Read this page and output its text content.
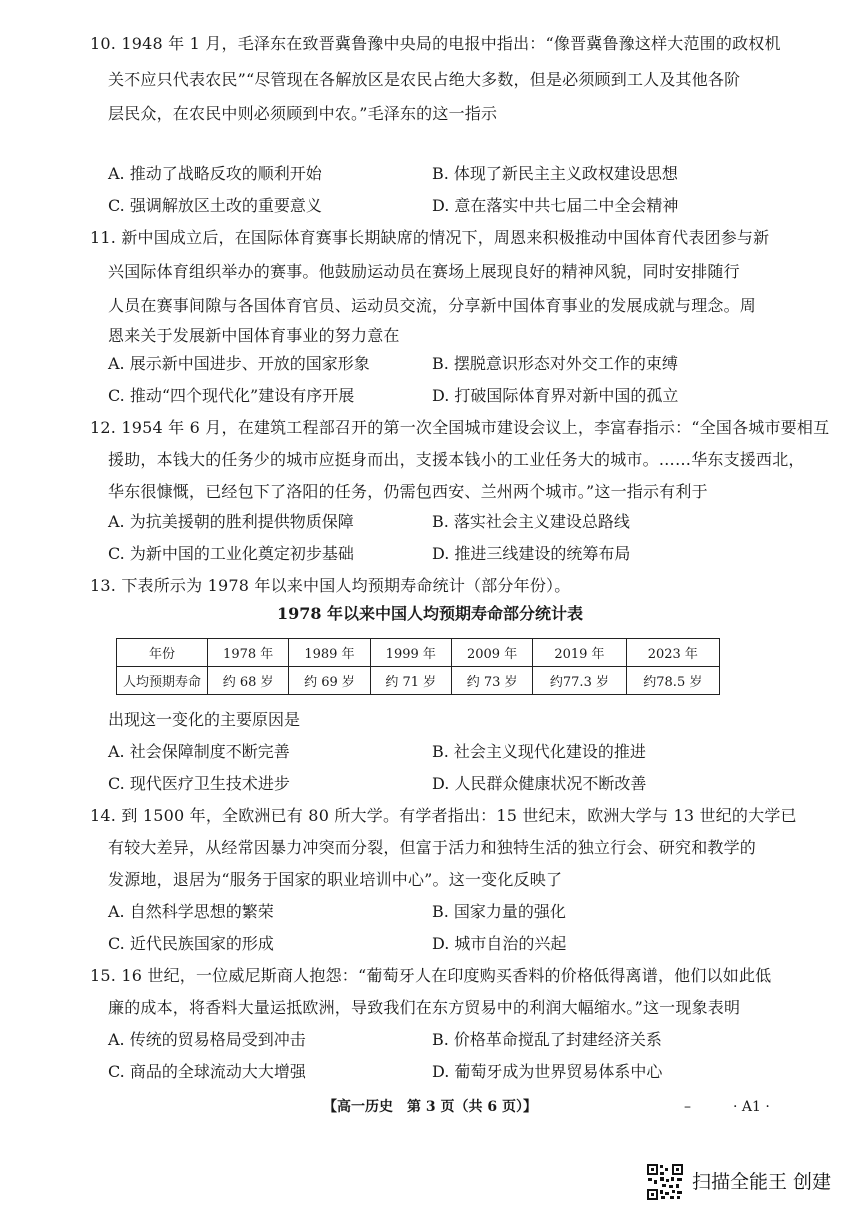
10. 1948 年 1 月，毛泽东在致晋冀鲁豫中央局的电报中指出：“像晋冀鲁豫这样大范围的政权机
关不应只代表农民”“尽管现在各解放区是农民占绝大多数，但是必须顾到工人及其他各阶
层民众，在农民中则必须顾到中农。”毛泽东的这一指示
A. 推动了战略反攻的顺利开始	B. 体现了新民主主义政权建设思想
C. 强调解放区土改的重要意义	D. 意在落实中共七届二中全会精神
11. 新中国成立后，在国际体育赛事长期缺席的情况下，周恩来积极推动中国体育代表团参与新
兴国际体育组织举办的赛事。他鼓励运动员在赛场上展现良好的精神风貌，同时安排随行
人员在赛事间隙与各国体育官员、运动员交流，分享新中国体育事业的发展成就与理念。周
恩来关于发展新中国体育事业的努力意在
A. 展示新中国进步、开放的国家形象	B. 摆脱意识形态对外交工作的束缚
C. 推动“四个现代化”建设有序开展	D. 打破国际体育界对新中国的孤立
12. 1954 年 6 月，在建筑工程部召开的第一次全国城市建设会议上，李富春指示：“全国各城市要相互
援助，本钱大的任务少的城市应挺身而出，支援本钱小的工业任务大的城市。……华东支援西北，
华东很慷慨，已经包下了洛阳的任务，仍需包西安、兰州两个城市。”这一指示有利于
A. 为抗美援朝的胜利提供物质保障	B. 落实社会主义建设总路线
C. 为新中国的工业化奠定初步基础	D. 推进三线建设的统筹布局
13. 下表所示为 1978 年以来中国人均预期寿命统计（部分年份）。
1978 年以来中国人均预期寿命部分统计表
年份	1978 年	1989 年	1999 年	2009 年	2019 年	2023 年
人均预期寿命	约 68 岁	约 69 岁	约 71 岁	约 73 岁	约77.3 岁	约78.5 岁
出现这一变化的主要原因是
A. 社会保障制度不断完善	B. 社会主义现代化建设的推进
C. 现代医疗卫生技术进步	D. 人民群众健康状况不断改善
14. 到 1500 年，全欧洲已有 80 所大学。有学者指出：15 世纪末，欧洲大学与 13 世纪的大学已
有较大差异，从经常因暴力冲突而分裂，但富于活力和独特生活的独立行会、研究和教学的
发源地，退居为“服务于国家的职业培训中心”。这一变化反映了
A. 自然科学思想的繁荣	B. 国家力量的强化
C. 近代民族国家的形成	D. 城市自治的兴起
15. 16 世纪，一位威尼斯商人抱怨：“葡萄牙人在印度购买香料的价格低得离谱，他们以如此低
廉的成本，将香料大量运抵欧洲，导致我们在东方贸易中的利润大幅缩水。”这一现象表明
A. 传统的贸易格局受到冲击	B. 价格革命搅乱了封建经济关系
C. 商品的全球流动大大增强	D. 葡萄牙成为世界贸易体系中心
【高一历史　第 3 页（共 6 页）】	–　　　· A1 ·
扫描全能王 创建
